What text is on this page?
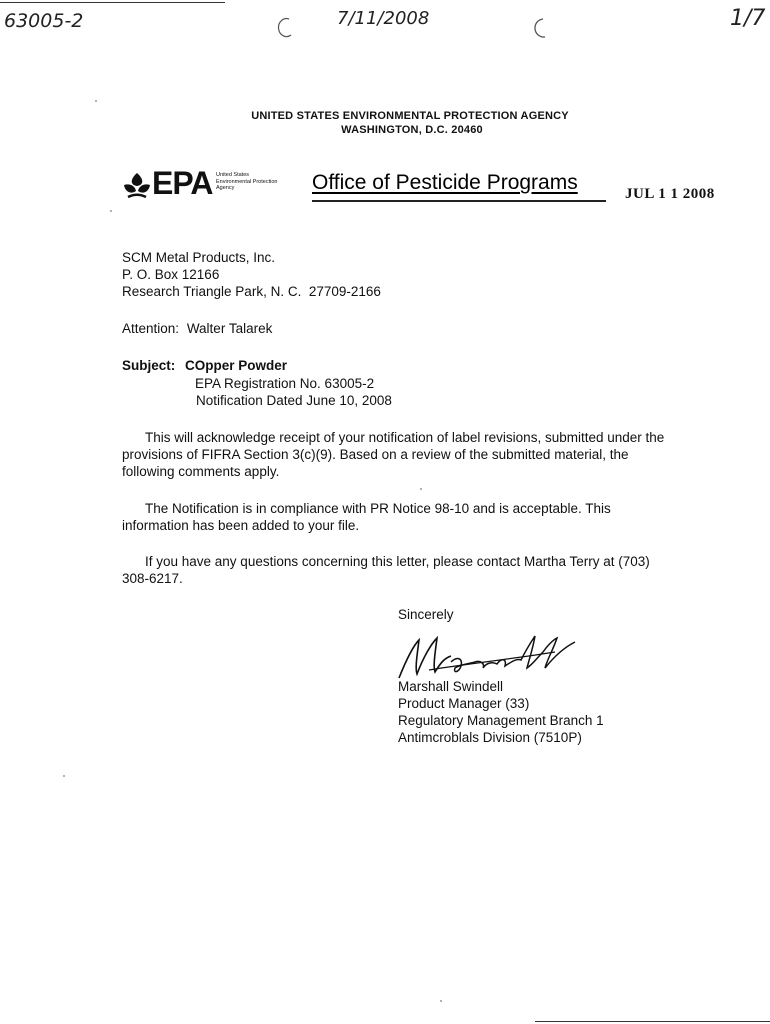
63005-2	7/11/2008	1/7
UNITED STATES ENVIRONMENTAL PROTECTION AGENCY
WASHINGTON, D.C. 20460
EPA United States
Environmental Protection
Agency	Office of Pesticide Programs	JUL 1 1 2008
SCM Metal Products, Inc.
P. O. Box 12166
Research Triangle Park, N. C.  27709-2166
Attention: Walter Talarek
Subject: COpper Powder
EPA Registration No. 63005-2
Notification Dated June 10, 2008
This will acknowledge receipt of your notification of label revisions, submitted under the provisions of FIFRA Section 3(c)(9). Based on a review of the submitted material, the following comments apply.
The Notification is in compliance with PR Notice 98-10 and is acceptable. This information has been added to your file.
If you have any questions concerning this letter, please contact Martha Terry at (703) 308-6217.
Sincerely
Marshall Swindell
Product Manager (33)
Regulatory Management Branch 1
Antimcroblals Division (7510P)
